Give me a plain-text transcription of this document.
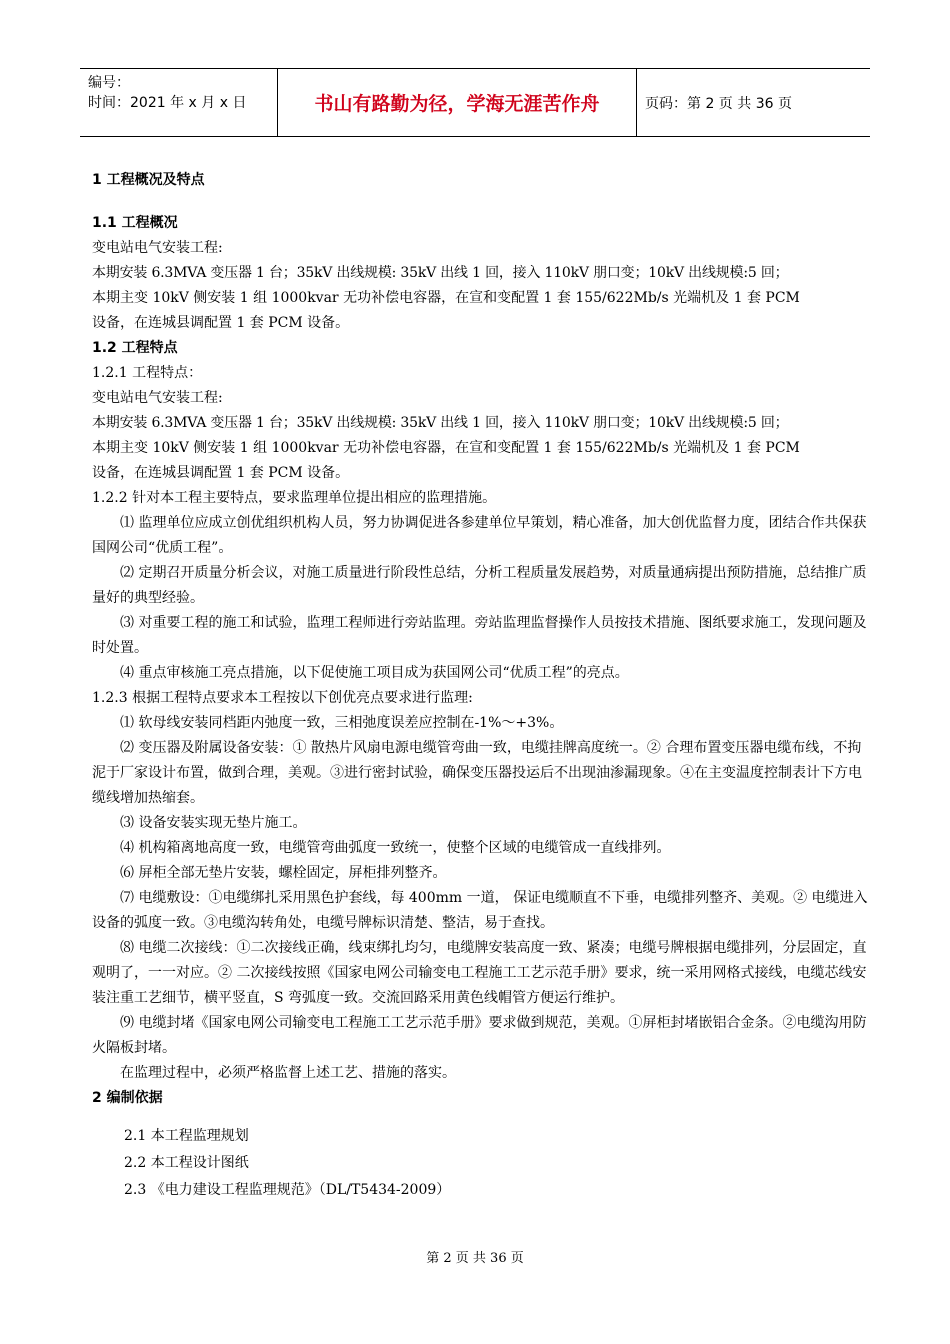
编号：
时间：2021 年 x 月 x 日	书山有路勤为径，学海无涯苦作舟	页码：第 2 页 共 36 页
1 工程概况及特点
1.1 工程概况
变电站电气安装工程:
本期安装 6.3MVA 变压器 1 台；35kV 出线规模: 35kV 出线 1 回，接入 110kV 朋口变；10kV 出线规模:5 回；
本期主变 10kV 侧安装 1 组 1000kvar 无功补偿电容器，在宣和变配置 1 套 155/622Mb/s 光端机及 1 套 PCM
设备，在连城县调配置 1 套 PCM 设备。
1.2 工程特点
1.2.1 工程特点：
变电站电气安装工程:
本期安装 6.3MVA 变压器 1 台；35kV 出线规模: 35kV 出线 1 回，接入 110kV 朋口变；10kV 出线规模:5 回；
本期主变 10kV 侧安装 1 组 1000kvar 无功补偿电容器，在宣和变配置 1 套 155/622Mb/s 光端机及 1 套 PCM
设备，在连城县调配置 1 套 PCM 设备。
1.2.2 针对本工程主要特点，要求监理单位提出相应的监理措施。
⑴ 监理单位应成立创优组织机构人员，努力协调促进各参建单位早策划，精心准备，加大创优监督力度，团结合作共保获国网公司“优质工程”。
⑵ 定期召开质量分析会议，对施工质量进行阶段性总结，分析工程质量发展趋势，对质量通病提出预防措施，总结推广质量好的典型经验。
⑶ 对重要工程的施工和试验，监理工程师进行旁站监理。旁站监理监督操作人员按技术措施、图纸要求施工，发现问题及时处置。
⑷ 重点审核施工亮点措施，以下促使施工项目成为获国网公司“优质工程”的亮点。
1.2.3 根据工程特点要求本工程按以下创优亮点要求进行监理:
⑴ 软母线安装同档距内弛度一致，三相弛度误差应控制在-1%～+3%。
⑵ 变压器及附属设备安装：① 散热片风扇电源电缆管弯曲一致，电缆挂牌高度统一。② 合理布置变压器电缆布线，不拘泥于厂家设计布置，做到合理，美观。③进行密封试验，确保变压器投运后不出现油渗漏现象。④在主变温度控制表计下方电缆线增加热缩套。
⑶ 设备安装实现无垫片施工。
⑷ 机构箱离地高度一致，电缆管弯曲弧度一致统一，使整个区域的电缆管成一直线排列。
⑹ 屏柜全部无垫片安装，螺栓固定，屏柜排列整齐。
⑺ 电缆敷设：①电缆绑扎采用黑色护套线，每 400mm 一道， 保证电缆顺直不下垂，电缆排列整齐、美观。② 电缆进入设备的弧度一致。③电缆沟转角处，电缆号牌标识清楚、整洁，易于查找。
⑻ 电缆二次接线：①二次接线正确，线束绑扎均匀，电缆牌安装高度一致、紧凑；电缆号牌根据电缆排列，分层固定，直观明了，一一对应。② 二次接线按照《国家电网公司输变电工程施工工艺示范手册》要求，统一采用网格式接线，电缆芯线安装注重工艺细节，横平竖直，S 弯弧度一致。交流回路采用黄色线帽管方便运行维护。
⑼ 电缆封堵《国家电网公司输变电工程施工工艺示范手册》要求做到规范，美观。①屏柜封堵嵌铝合金条。②电缆沟用防火隔板封堵。
在监理过程中，必须严格监督上述工艺、措施的落实。
2 编制依据
2.1 本工程监理规划
2.2 本工程设计图纸
2.3 《电力建设工程监理规范》（DL/T5434-2009）
第 2 页 共 36 页
